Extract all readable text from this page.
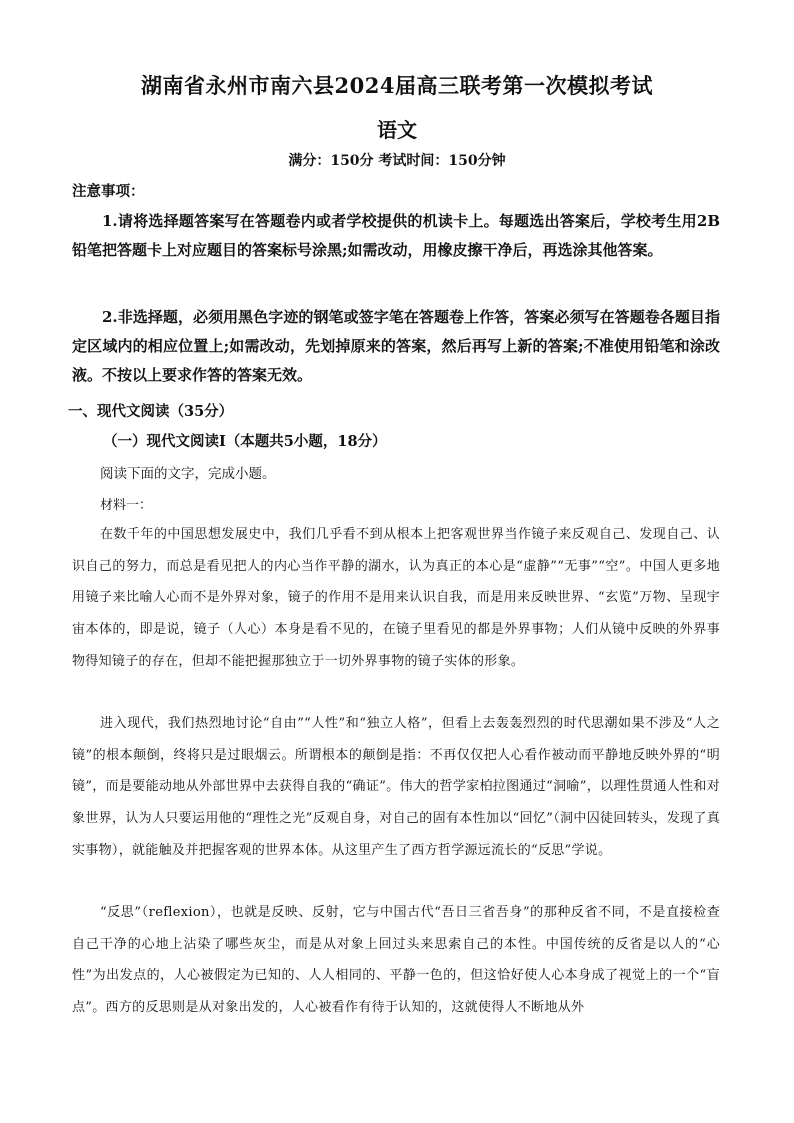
湖南省永州市南六县2024届高三联考第一次模拟考试
语文
满分：150分 考试时间：150分钟
注意事项：
1.请将选择题答案写在答题卷内或者学校提供的机读卡上。每题选出答案后，学校考生用2B铅笔把答题卡上对应题目的答案标号涂黑;如需改动，用橡皮擦干净后，再选涂其他答案。
2.非选择题，必须用黑色字迹的钢笔或签字笔在答题卷上作答，答案必须写在答题卷各题目指定区域内的相应位置上;如需改动，先划掉原来的答案，然后再写上新的答案;不准使用铅笔和涂改液。不按以上要求作答的答案无效。
一、现代文阅读（35分）
（一）现代文阅读Ⅰ（本题共5小题，18分）
阅读下面的文字，完成小题。
材料一：
在数千年的中国思想发展史中，我们几乎看不到从根本上把客观世界当作镜子来反观自己、发现自己、认识自己的努力，而总是看见把人的内心当作平静的湖水，认为真正的本心是“虚静”“无事”“空”。中国人更多地用镜子来比喻人心而不是外界对象，镜子的作用不是用来认识自我，而是用来反映世界、“玄览”万物、呈现宇宙本体的，即是说，镜子（人心）本身是看不见的，在镜子里看见的都是外界事物；人们从镜中反映的外界事物得知镜子的存在，但却不能把握那独立于一切外界事物的镜子实体的形象。
进入现代，我们热烈地讨论“自由”“人性”和“独立人格”，但看上去轰轰烈烈的时代思潮如果不涉及“人之镜”的根本颠倒，终将只是过眼烟云。所谓根本的颠倒是指：不再仅仅把人心看作被动而平静地反映外界的“明镜”，而是要能动地从外部世界中去获得自我的“确证”。伟大的哲学家柏拉图通过“洞喻”，以理性贯通人性和对象世界，认为人只要运用他的“理性之光”反观自身，对自己的固有本性加以“回忆”（洞中囚徒回转头，发现了真实事物），就能触及并把握客观的世界本体。从这里产生了西方哲学源远流长的“反思”学说。
“反思”（reflexion），也就是反映、反射，它与中国古代“吾日三省吾身”的那种反省不同，不是直接检查自己干净的心地上沾染了哪些灰尘，而是从对象上回过头来思索自己的本性。中国传统的反省是以人的“心性”为出发点的，人心被假定为已知的、人人相同的、平静一色的，但这恰好使人心本身成了视觉上的一个“盲点”。西方的反思则是从对象出发的，人心被看作有待于认知的，这就使得人不断地从外
